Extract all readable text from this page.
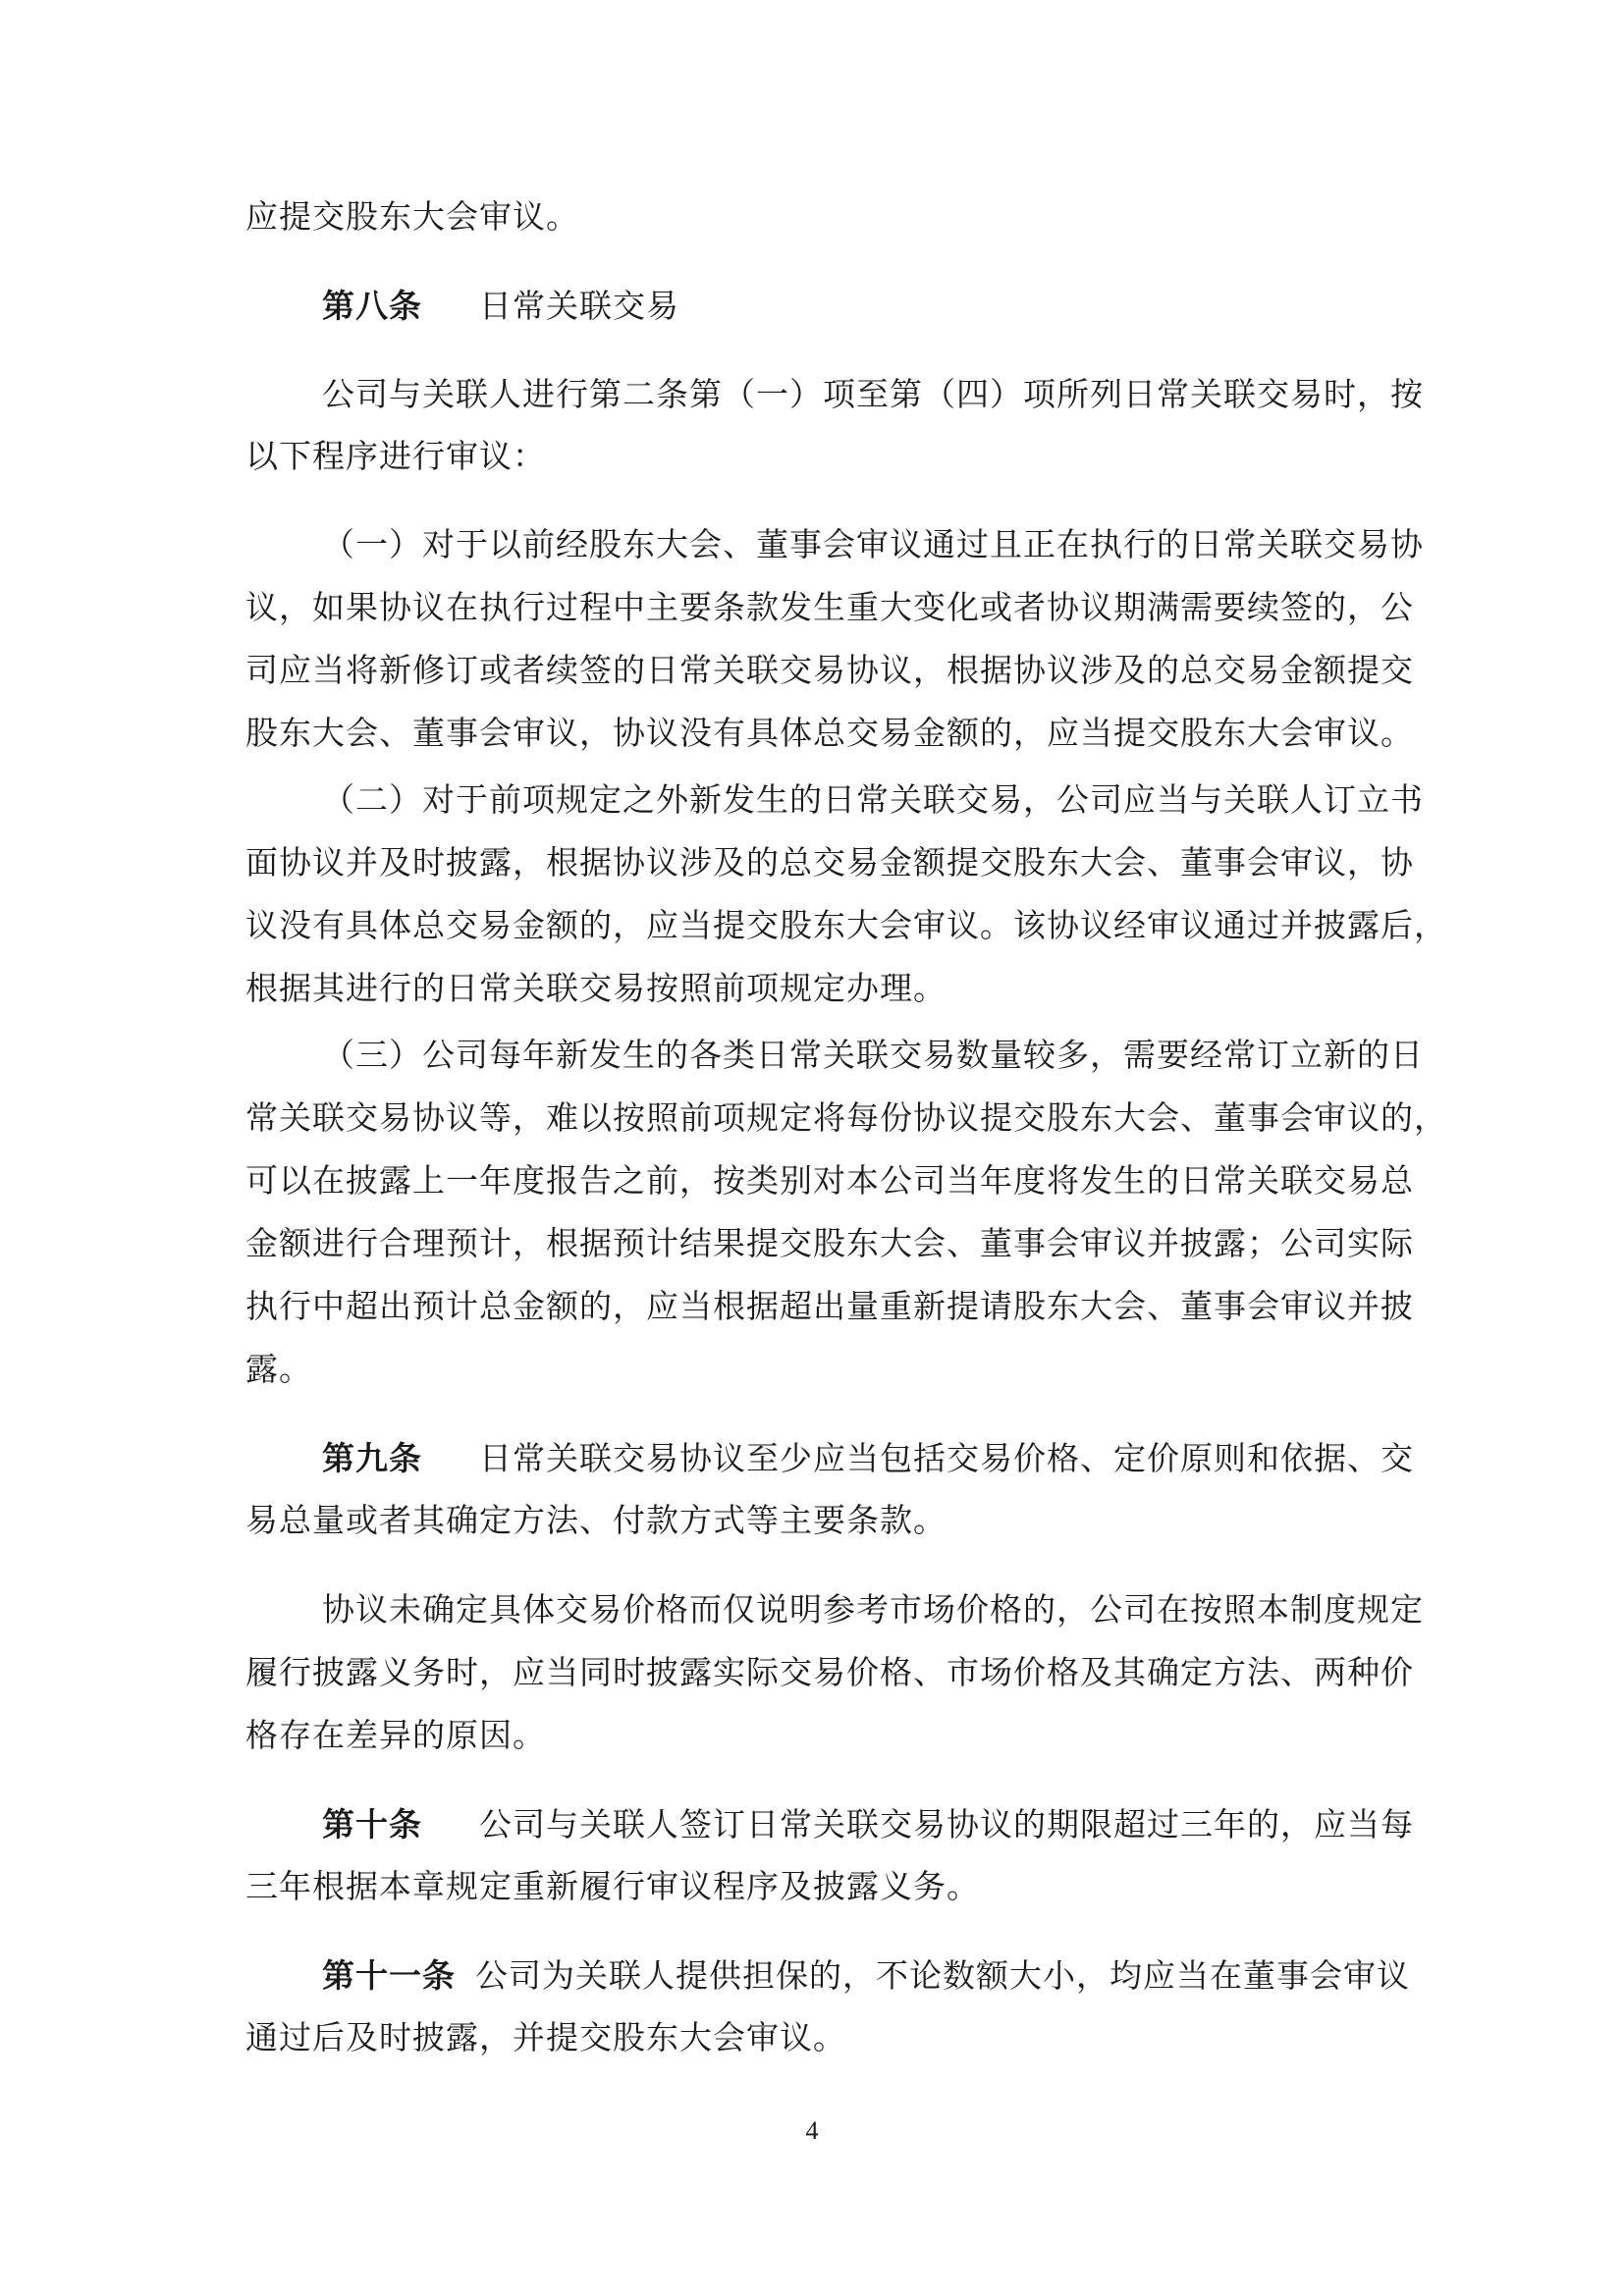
应提交股东大会审议。
第八条 日常关联交易
公司与关联人进行第二条第（一）项至第（四）项所列日常关联交易时，按
以下程序进行审议：
（一）对于以前经股东大会、董事会审议通过且正在执行的日常关联交易协
议，如果协议在执行过程中主要条款发生重大变化或者协议期满需要续签的，公
司应当将新修订或者续签的日常关联交易协议，根据协议涉及的总交易金额提交
股东大会、董事会审议，协议没有具体总交易金额的，应当提交股东大会审议。
（二）对于前项规定之外新发生的日常关联交易，公司应当与关联人订立书
面协议并及时披露，根据协议涉及的总交易金额提交股东大会、董事会审议，协
议没有具体总交易金额的，应当提交股东大会审议。该协议经审议通过并披露后，
根据其进行的日常关联交易按照前项规定办理。
（三）公司每年新发生的各类日常关联交易数量较多，需要经常订立新的日
常关联交易协议等，难以按照前项规定将每份协议提交股东大会、董事会审议的，
可以在披露上一年度报告之前，按类别对本公司当年度将发生的日常关联交易总
金额进行合理预计，根据预计结果提交股东大会、董事会审议并披露；公司实际
执行中超出预计总金额的，应当根据超出量重新提请股东大会、董事会审议并披
露。
第九条 日常关联交易协议至少应当包括交易价格、定价原则和依据、交
易总量或者其确定方法、付款方式等主要条款。
协议未确定具体交易价格而仅说明参考市场价格的，公司在按照本制度规定
履行披露义务时，应当同时披露实际交易价格、市场价格及其确定方法、两种价
格存在差异的原因。
第十条 公司与关联人签订日常关联交易协议的期限超过三年的，应当每
三年根据本章规定重新履行审议程序及披露义务。
第十一条 公司为关联人提供担保的，不论数额大小，均应当在董事会审议
通过后及时披露，并提交股东大会审议。
4
